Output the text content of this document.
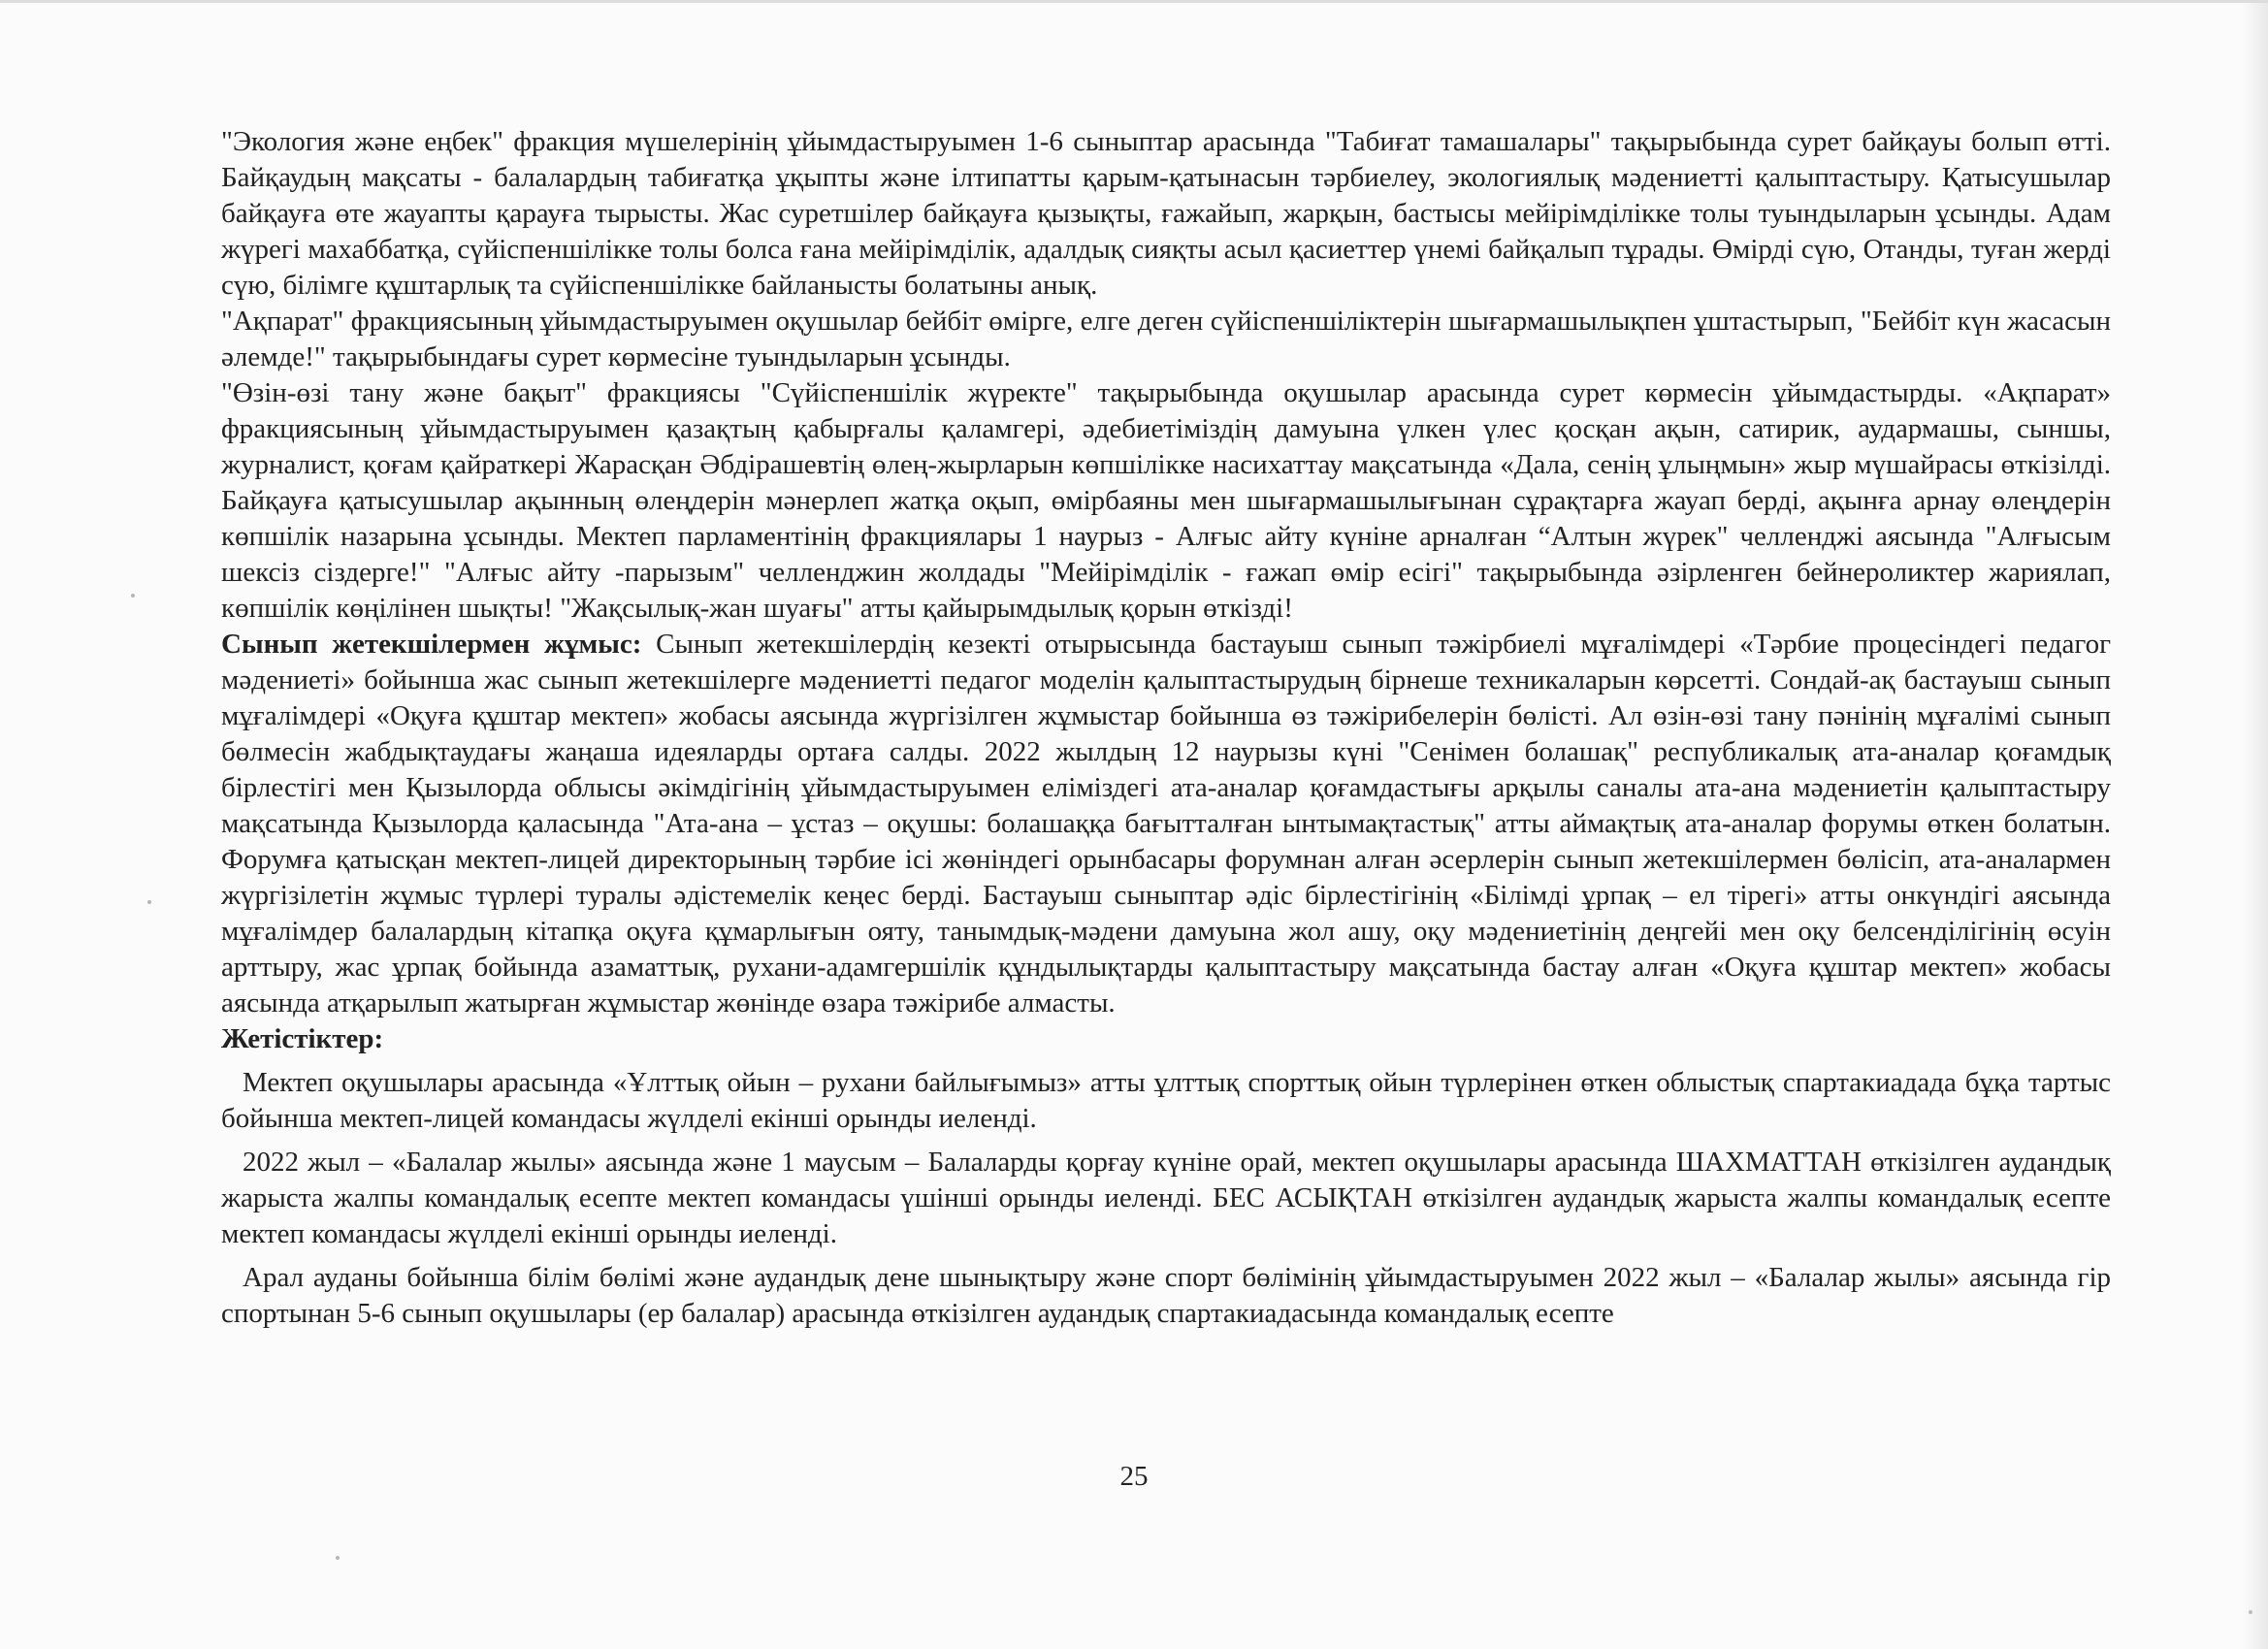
"Экология және еңбек" фракция мүшелерінің ұйымдастыруымен 1-6 сыныптар арасында "Табиғат тамашалары" тақырыбында сурет байқауы болып өтті. Байқаудың мақсаты - балалардың табиғатқа ұқыпты және ілтипатты қарым-қатынасын тәрбиелеу, экологиялық мәдениетті қалыптастыру. Қатысушылар байқауға өте жауапты қарауға тырысты. Жас суретшілер байқауға қызықты, ғажайып, жарқын, бастысы мейірімділікке толы туындыларын ұсынды. Адам жүрегі махаббатқа, сүйіспеншілікке толы болса ғана мейірімділік, адалдық сияқты асыл қасиеттер үнемі байқалып тұрады. Өмірді сүю, Отанды, туған жерді сүю, білімге құштарлық та сүйіспеншілікке байланысты болатыны анық.

"Ақпарат" фракциясының ұйымдастыруымен оқушылар бейбіт өмірге, елге деген сүйіспеншіліктерін шығармашылықпен ұштастырып, "Бейбіт күн жасасын әлемде!" тақырыбындағы сурет көрмесіне туындыларын ұсынды.

"Өзін-өзі тану және бақыт" фракциясы "Сүйіспеншілік жүректе" тақырыбында оқушылар арасында сурет көрмесін ұйымдастырды. «Ақпарат» фракциясының ұйымдастыруымен қазақтың қабырғалы қаламгері, әдебиетіміздің дамуына үлкен үлес қосқан ақын, сатирик, аудармашы, сыншы, журналист, қоғам қайраткері Жарасқан Әбдірашевтің өлең-жырларын көпшілікке насихаттау мақсатында «Дала, сенің ұлыңмын» жыр мүшайрасы өткізілді. Байқауға қатысушылар ақынның өлеңдерін мәнерлеп жатқа оқып, өмірбаяны мен шығармашылығынан сұрақтарға жауап берді, ақынға арнау өлеңдерін көпшілік назарына ұсынды. Мектеп парламентінің фракциялары 1 наурыз - Алғыс айту күніне арналған “Алтын жүрек" челленджі аясында "Алғысым шексіз сіздерге!" "Алғыс айту -парызым" челленджин жолдады "Мейірімділік - ғажап өмір есігі" тақырыбында әзірленген бейнероликтер жариялап, көпшілік көңілінен шықты! "Жақсылық-жан шуағы" атты қайырымдылық қорын өткізді!

Сынып жетекшілермен жұмыс: Сынып жетекшілердің кезекті отырысында бастауыш сынып тәжірбиелі мұғалімдері «Тәрбие процесіндегі педагог мәдениеті» бойынша жас сынып жетекшілерге мәдениетті педагог моделін қалыптастырудың бірнеше техникаларын көрсетті. Сондай-ақ бастауыш сынып мұғалімдері «Оқуға құштар мектеп» жобасы аясында жүргізілген жұмыстар бойынша өз тәжірибелерін бөлісті. Ал өзін-өзі тану пәнінің мұғалімі сынып бөлмесін жабдықтаудағы жаңаша идеяларды ортаға салды. 2022 жылдың 12 наурызы күні "Сенімен болашақ" республикалық ата-аналар қоғамдық бірлестігі мен Қызылорда облысы әкімдігінің ұйымдастыруымен еліміздегі ата-аналар қоғамдастығы арқылы саналы ата-ана мәдениетін қалыптастыру мақсатында Қызылорда қаласында "Ата-ана – ұстаз – оқушы: болашаққа бағытталған ынтымақтастық" атты аймақтық ата-аналар форумы өткен болатын. Форумға қатысқан мектеп-лицей директорының тәрбие ісі жөніндегі орынбасары форумнан алған әсерлерін сынып жетекшілермен бөлісіп, ата-аналармен жүргізілетін жұмыс түрлері туралы әдістемелік кеңес берді. Бастауыш сыныптар әдіс бірлестігінің «Білімді ұрпақ – ел тірегі» атты онкүндігі аясында мұғалімдер балалардың кітапқа оқуға құмарлығын ояту, танымдық-мәдени дамуына жол ашу, оқу мәдениетінің деңгейі мен оқу белсенділігінің өсуін арттыру, жас ұрпақ бойында азаматтық, рухани-адамгершілік құндылықтарды қалыптастыру мақсатында бастау алған «Оқуға құштар мектеп» жобасы аясында атқарылып жатырған жұмыстар жөнінде өзара тәжірибе алмасты.

Жетістіктер:

Мектеп оқушылары арасында «Ұлттық ойын – рухани байлығымыз» атты ұлттық спорттық ойын түрлерінен өткен облыстық спартакиадада бұқа тартыс бойынша мектеп-лицей командасы жүлделі екінші орынды иеленді.

2022 жыл – «Балалар жылы» аясында және 1 маусым – Балаларды қорғау күніне орай, мектеп оқушылары арасында ШАХМАТТАН өткізілген аудандық жарыста жалпы командалық есепте мектеп командасы үшінші орынды иеленді. БЕС АСЫҚТАН өткізілген аудандық жарыста жалпы командалық есепте мектеп командасы жүлделі екінші орынды иеленді.

Арал ауданы бойынша білім бөлімі және аудандық дене шынықтыру және спорт бөлімінің ұйымдастыруымен 2022 жыл – «Балалар жылы» аясында гір спортынан 5-6 сынып оқушылары (ер балалар) арасында өткізілген аудандық спартакиадасында командалық есепте

25
